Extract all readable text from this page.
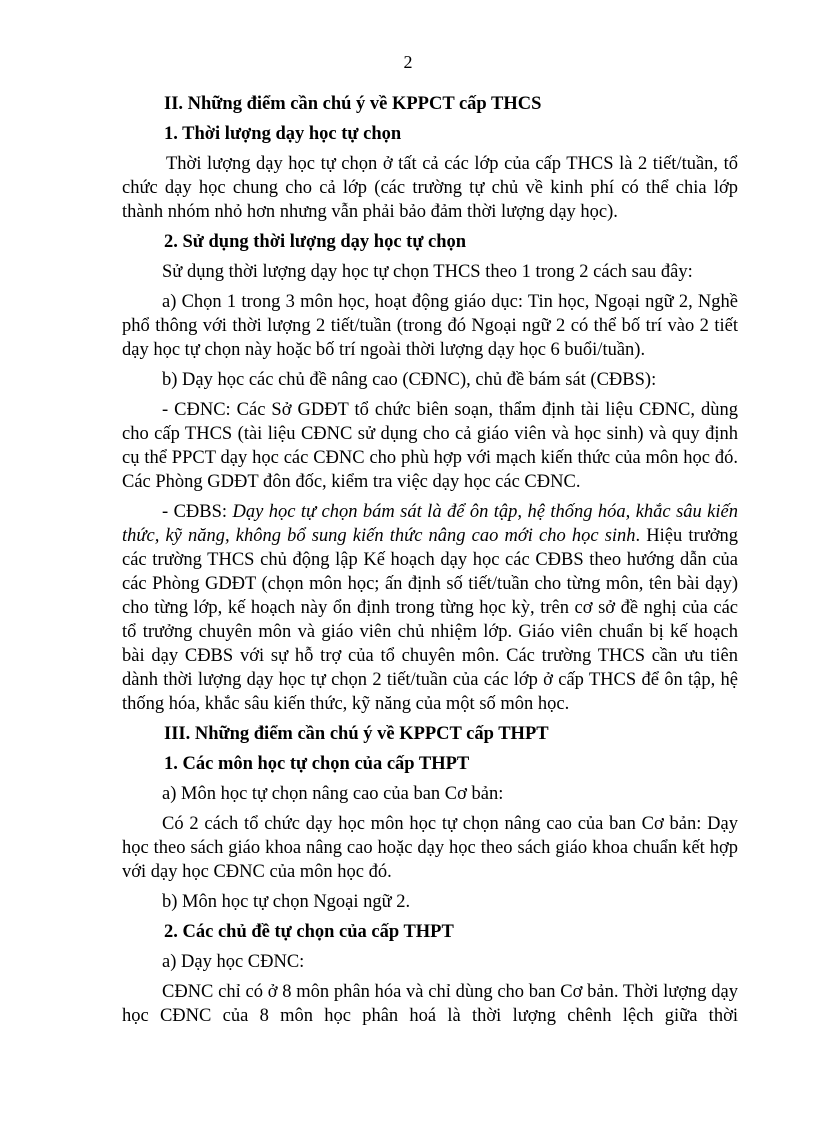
2
II. Những điểm cần chú ý về KPPCT cấp THCS
1. Thời lượng dạy học tự chọn
Thời lượng dạy học tự chọn ở tất cả các lớp của cấp THCS là 2 tiết/tuần, tổ chức dạy học chung cho cả lớp (các trường tự chủ về kinh phí có thể chia lớp thành nhóm nhỏ hơn nhưng vẫn phải bảo đảm thời lượng dạy học).
2. Sử dụng thời lượng dạy học tự chọn
Sử dụng thời lượng dạy học tự chọn THCS theo 1 trong 2 cách sau đây:
a) Chọn 1 trong 3 môn học, hoạt động giáo dục: Tin học, Ngoại ngữ 2, Nghề phổ thông với thời lượng 2 tiết/tuần (trong đó Ngoại ngữ 2 có thể bố trí vào 2 tiết dạy học tự chọn này hoặc bố trí ngoài thời lượng dạy học 6 buổi/tuần).
b) Dạy học các chủ đề nâng cao (CĐNC), chủ đề bám sát (CĐBS):
- CĐNC: Các Sở GDĐT tổ chức biên soạn, thẩm định tài liệu CĐNC, dùng cho cấp THCS (tài liệu CĐNC sử dụng cho cả giáo viên và học sinh) và quy định cụ thể PPCT dạy học các CĐNC cho phù hợp với mạch kiến thức của môn học đó. Các Phòng GDĐT đôn đốc, kiểm tra việc dạy học các CĐNC.
- CĐBS: Dạy học tự chọn bám sát là để ôn tập, hệ thống hóa, khắc sâu kiến thức, kỹ năng, không bổ sung kiến thức nâng cao mới cho học sinh. Hiệu trưởng các trường THCS chủ động lập Kế hoạch dạy học các CĐBS theo hướng dẫn của các Phòng GDĐT (chọn môn học; ấn định số tiết/tuần cho từng môn, tên bài dạy) cho từng lớp, kế hoạch này ổn định trong từng học kỳ, trên cơ sở đề nghị của các tổ trưởng chuyên môn và giáo viên chủ nhiệm lớp. Giáo viên chuẩn bị kế hoạch bài dạy CĐBS với sự hỗ trợ của tổ chuyên môn. Các trường THCS cần ưu tiên dành thời lượng dạy học tự chọn 2 tiết/tuần của các lớp ở cấp THCS để ôn tập, hệ thống hóa, khắc sâu kiến thức, kỹ năng của một số môn học.
III. Những điểm cần chú ý về KPPCT cấp THPT
1. Các môn học tự chọn của cấp THPT
a) Môn học tự chọn nâng cao của ban Cơ bản:
Có 2 cách tổ chức dạy học môn học tự chọn nâng cao của ban Cơ bản: Dạy học theo sách giáo khoa nâng cao hoặc dạy học theo sách giáo khoa chuẩn kết hợp với dạy học CĐNC của môn học đó.
b) Môn học tự chọn Ngoại ngữ 2.
2. Các chủ đề tự chọn của cấp THPT
a) Dạy học CĐNC:
CĐNC chỉ có ở 8 môn phân hóa và chỉ dùng cho ban Cơ bản. Thời lượng dạy học CĐNC của 8 môn học phân hoá là thời lượng chênh lệch giữa thời
